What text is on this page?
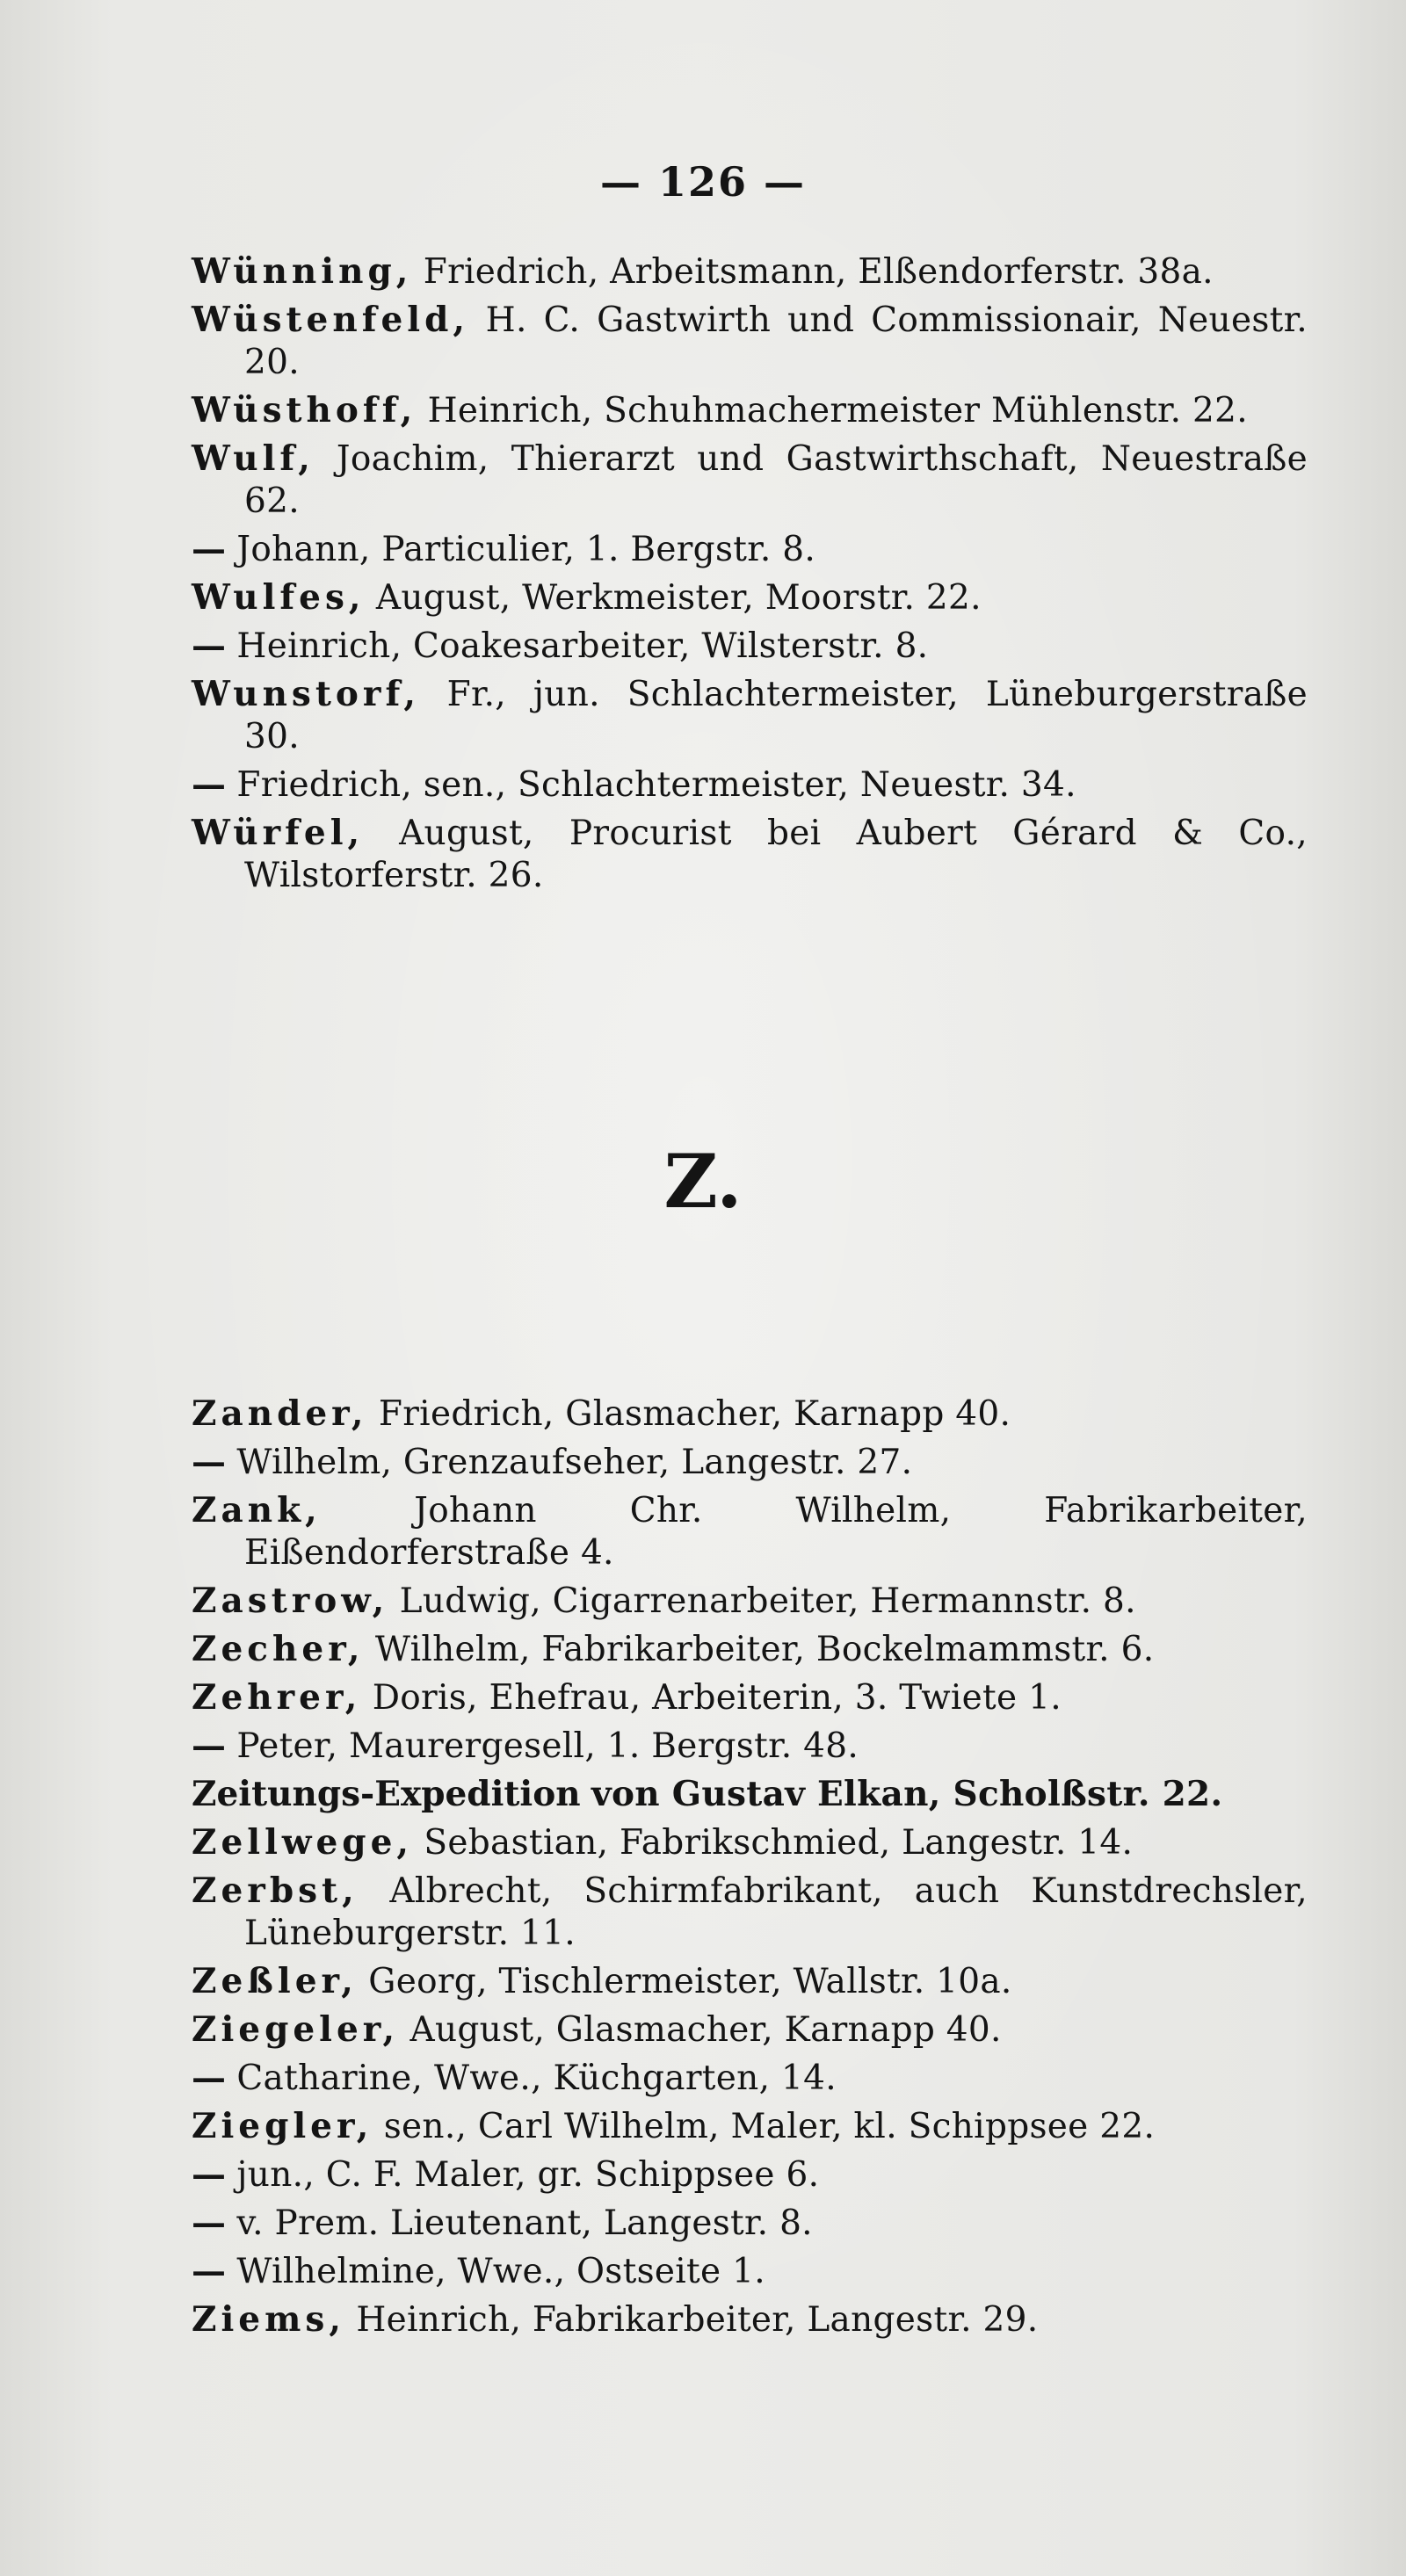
— 126 —

Wünning, Friedrich, Arbeitsmann, Elßendorferstr. 38a.

Wüstenfeld, H. C. Gastwirth und Commissionair, Neuestr. 20.

Wüsthoff, Heinrich, Schuhmachermeister Mühlenstr. 22.

Wulf, Joachim, Thierarzt und Gastwirthschaft, Neuestraße 62.

— Johann, Particulier, 1. Bergstr. 8.

Wulfes, August, Werkmeister, Moorstr. 22.

— Heinrich, Coakesarbeiter, Wilsterstr. 8.

Wunstorf, Fr., jun. Schlachtermeister, Lüneburgerstraße 30.

— Friedrich, sen., Schlachtermeister, Neuestr. 34.

Würfel, August, Procurist bei Aubert Gérard & Co., Wilstorferstr. 26.

Z.

Zander, Friedrich, Glasmacher, Karnapp 40.

— Wilhelm, Grenzaufseher, Langestr. 27.

Zank,	Johann Chr. Wilhelm, Fabrikarbeiter, Eißendorferstraße 4.

Zastrow, Ludwig, Cigarrenarbeiter, Hermannstr. 8.

Zecher, Wilhelm, Fabrikarbeiter, Bockelmammstr. 6.

Zehrer, Doris, Ehefrau, Arbeiterin, 3. Twiete 1.

— Peter, Maurergesell, 1. Bergstr. 48.

Zeitungs-Expedition von Gustav Elkan, Scholßstr. 22.

Zellwege, Sebastian, Fabrikschmied, Langestr. 14.

Zerbst, Albrecht, Schirmfabrikant, auch Kunstdrechsler, Lüneburgerstr. 11.

Zeßler, Georg, Tischlermeister, Wallstr. 10a.

Ziegeler, August, Glasmacher, Karnapp 40.

— Catharine, Wwe., Küchgarten, 14.

Ziegler, sen., Carl Wilhelm, Maler, kl. Schippsee 22.

— jun., C. F. Maler, gr. Schippsee 6.

— v. Prem. Lieutenant, Langestr. 8.

— Wilhelmine, Wwe., Ostseite 1.

Ziems, Heinrich, Fabrikarbeiter, Langestr. 29.
